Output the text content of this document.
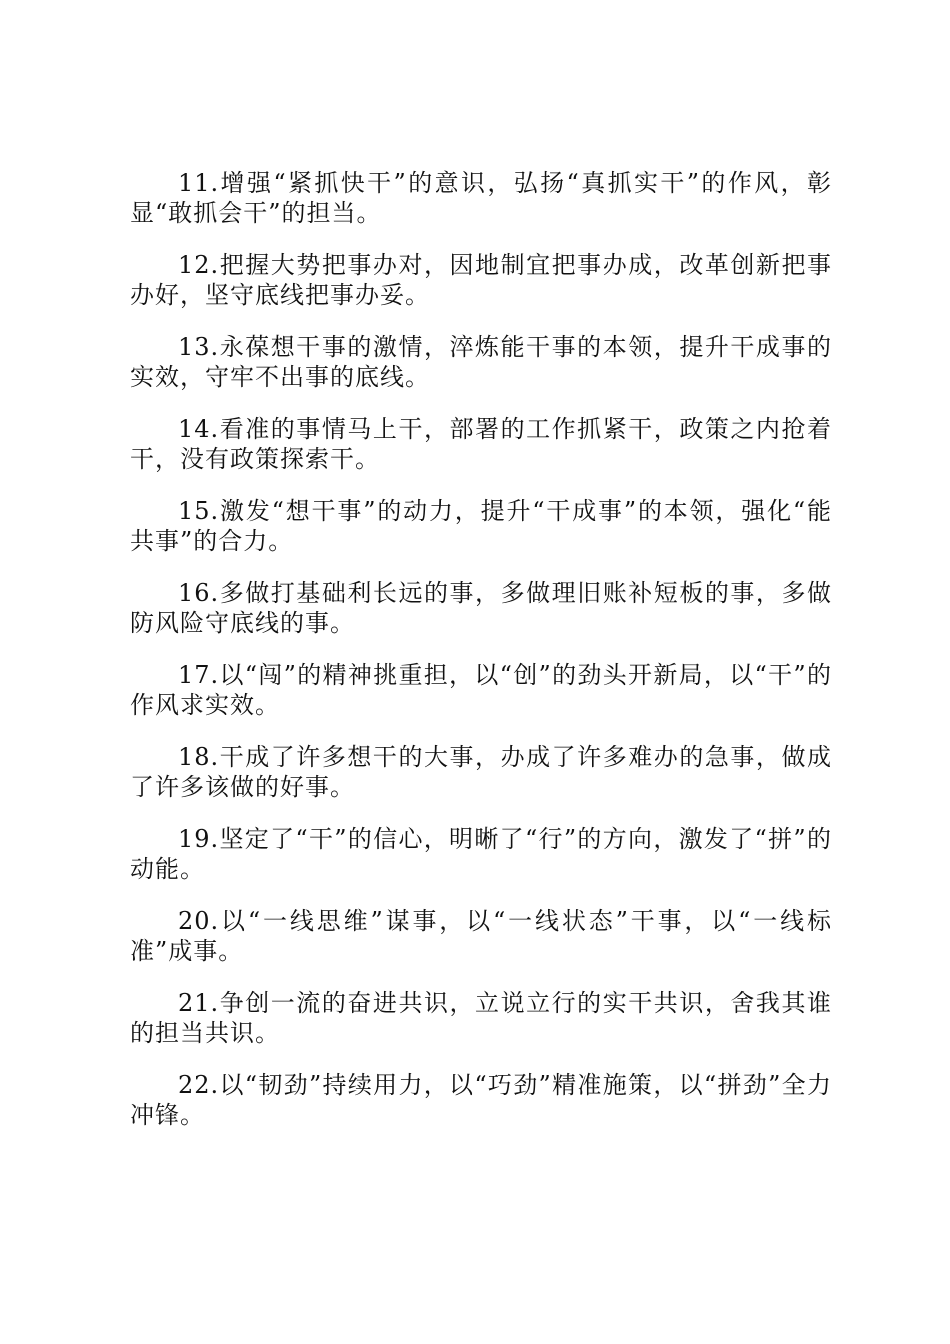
11.增强“紧抓快干”的意识，弘扬“真抓实干”的作风，彰显“敢抓会干”的担当。

12.把握大势把事办对，因地制宜把事办成，改革创新把事办好，坚守底线把事办妥。

13.永葆想干事的激情，淬炼能干事的本领，提升干成事的实效，守牢不出事的底线。

14.看准的事情马上干，部署的工作抓紧干，政策之内抢着干，没有政策探索干。

15.激发“想干事”的动力，提升“干成事”的本领，强化“能共事”的合力。

16.多做打基础利长远的事，多做理旧账补短板的事，多做防风险守底线的事。

17.以“闯”的精神挑重担，以“创”的劲头开新局，以“干”的作风求实效。

18.干成了许多想干的大事，办成了许多难办的急事，做成了许多该做的好事。

19.坚定了“干”的信心，明晰了“行”的方向，激发了“拼”的动能。

20.以“一线思维”谋事，以“一线状态”干事，以“一线标准”成事。

21.争创一流的奋进共识，立说立行的实干共识，舍我其谁的担当共识。

22.以“韧劲”持续用力，以“巧劲”精准施策，以“拼劲”全力冲锋。
